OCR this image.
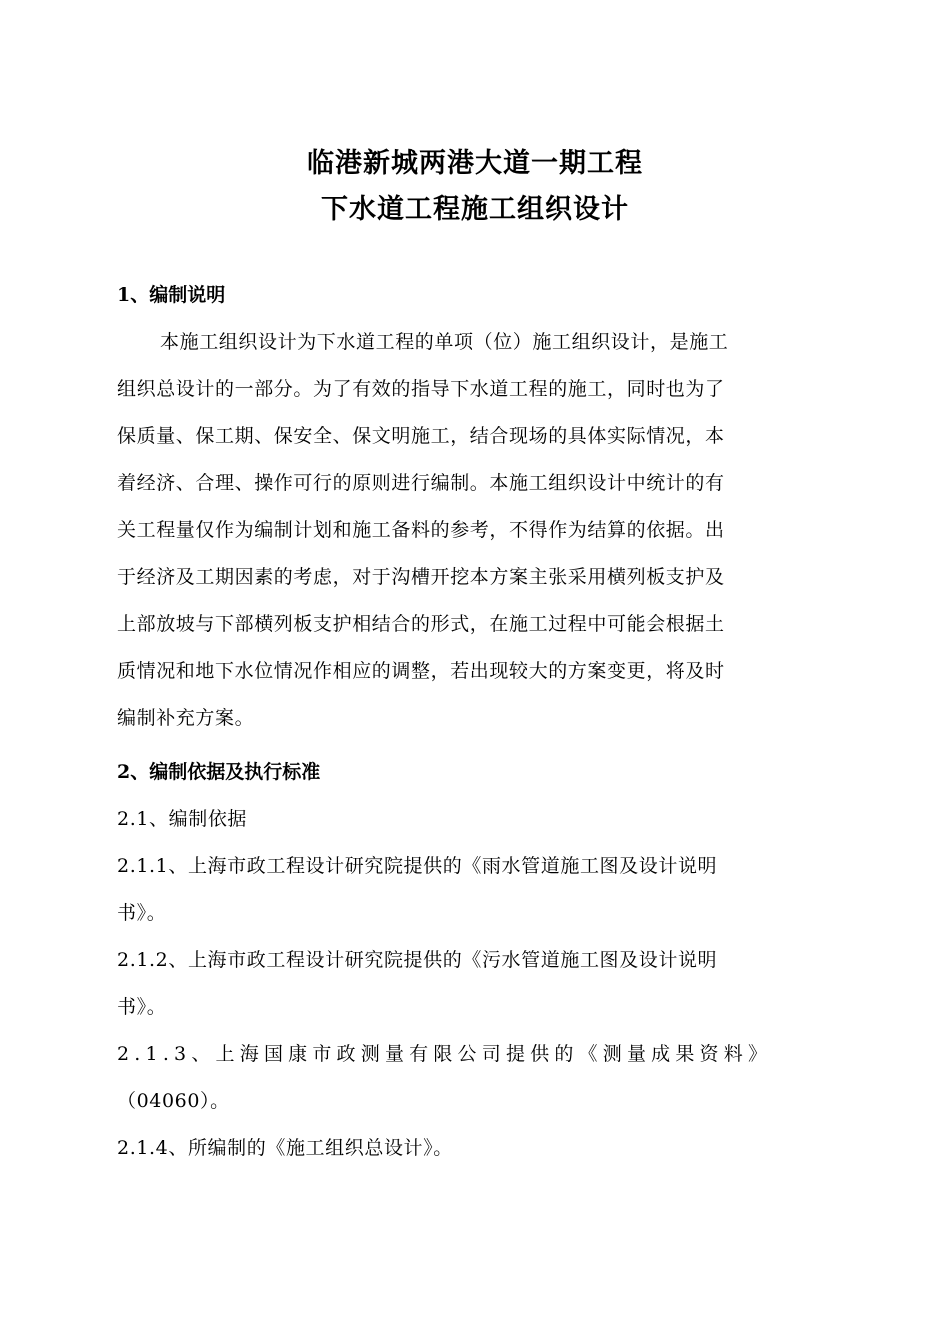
临港新城两港大道一期工程
下水道工程施工组织设计
1、编制说明
本施工组织设计为下水道工程的单项（位）施工组织设计，是施工
组织总设计的一部分。为了有效的指导下水道工程的施工，同时也为了
保质量、保工期、保安全、保文明施工，结合现场的具体实际情况，本
着经济、合理、操作可行的原则进行编制。本施工组织设计中统计的有
关工程量仅作为编制计划和施工备料的参考，不得作为结算的依据。出
于经济及工期因素的考虑，对于沟槽开挖本方案主张采用横列板支护及
上部放坡与下部横列板支护相结合的形式，在施工过程中可能会根据土
质情况和地下水位情况作相应的调整，若出现较大的方案变更，将及时
编制补充方案。
2、编制依据及执行标准
2.1、编制依据
2.1.1、上海市政工程设计研究院提供的《雨水管道施工图及设计说明
书》。
2.1.2、上海市政工程设计研究院提供的《污水管道施工图及设计说明
书》。
2.1.3、上海国康市政测量有限公司提供的《测量成果资料》
（04060）。
2.1.4、所编制的《施工组织总设计》。
